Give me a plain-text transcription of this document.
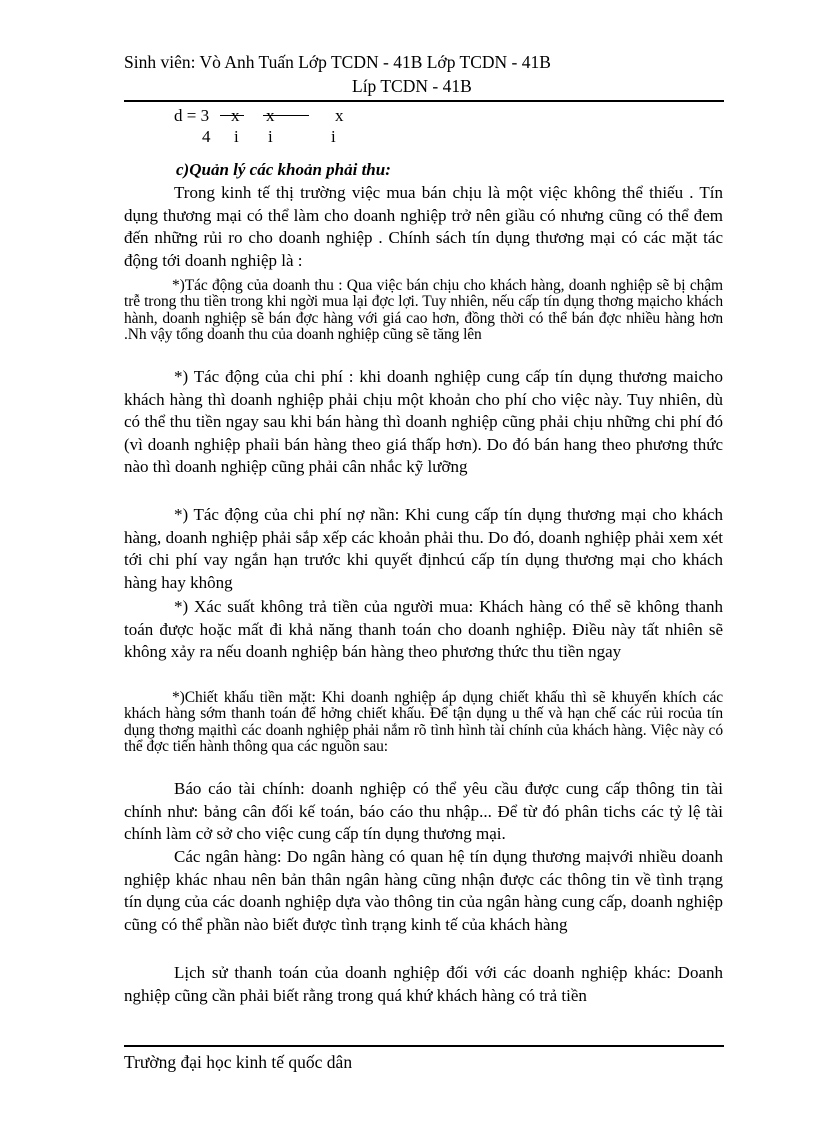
Sinh viên: Vò Anh Tuấn Lớp TCDN - 41B Lớp TCDN - 41B
Líp TCDN - 41B
d = 3 x x	x
4 i i	i
c)Quản lý các khoản phải thu:
Trong kinh tế thị trường việc mua bán chịu là một việc không thể thiếu . Tín dụng thương mại có thể làm cho doanh nghiệp trở nên giầu có nhưng cũng có thể đem đến những rủi ro cho doanh nghiệp . Chính sách tín dụng thương mại có các mặt tác động tới doanh nghiệp là :
*)Tác động của doanh thu : Qua việc bán chịu cho khách hàng, doanh nghiệp sẽ bị chậm trễ trong thu tiền trong khi ngời mua lại đợc lợi. Tuy nhiên, nếu cấp tín dụng thơng mạicho khách hành, doanh nghiệp sẽ bán đợc hàng với giá cao hơn, đồng thời có thể bán đợc nhiều hàng hơn .Nh vậy tổng doanh thu của doanh nghiệp cũng sẽ tăng lên
*) Tác động của chi phí : khi doanh nghiệp cung cấp tín dụng thương maicho khách hàng thì doanh nghiệp phải chịu một khoản cho phí cho việc này. Tuy nhiên, dù có thể thu tiền ngay sau khi bán hàng thì doanh nghiệp cũng phải chịu những chi phí đó (vì doanh nghiệp phaỉi bán hàng theo giá thấp hơn). Do đó bán hang theo phương thức nào thì doanh nghiệp cũng phải cân nhắc kỹ lưỡng
*) Tác động của chi phí nợ nần: Khi cung cấp tín dụng thương mại cho khách hàng, doanh nghiệp phải sắp xếp các khoản phải thu. Do đó, doanh nghiệp phải xem xét tới chi phí vay ngắn hạn trước khi quyết địnhcú cấp tín dụng thương mại cho khách hàng hay không
*) Xác suất không trả tiền của người mua: Khách hàng có thể sẽ không thanh toán được hoặc mất đi khả năng thanh toán cho doanh nghiệp. Điều này tất nhiên sẽ không xảy ra nếu doanh nghiệp bán hàng theo phương thức thu tiền ngay
*)Chiết khấu tiền mặt: Khi doanh nghiệp áp dụng chiết khấu thì sẽ khuyến khích các khách hàng sớm thanh toán để hởng chiết khấu. Để tận dụng u thế và hạn chế các rủi rocủa tín dụng thơng mạithì các doanh nghiệp phải nắm rõ tình hình tài chính của khách hàng. Việc này có thể đợc tiến hành thông qua các nguồn sau:
Báo cáo tài chính: doanh nghiệp có thể yêu cầu được cung cấp thông tin tài chính như: bảng cân đối kế toán, báo cáo thu nhập... Để từ đó phân tichs các tỷ lệ tài chính làm cở sở cho việc cung cấp tín dụng thương mại.
Các ngân hàng: Do ngân hàng có quan hệ tín dụng thương maịvới nhiều doanh nghiệp khác nhau nên bản thân ngân hàng cũng nhận được các thông tin về tình trạng tín dụng của các doanh nghiệp dựa vào thông tin của ngân hàng cung cấp, doanh nghiệp cũng có thể phần nào biết được tình trạng kinh tế của khách hàng
Lịch sử thanh toán của doanh nghiệp đối với các doanh nghiệp khác: Doanh nghiệp cũng cần phải biết rằng trong quá khứ khách hàng có trả tiền
Trường đại học kinh tế quốc dân
